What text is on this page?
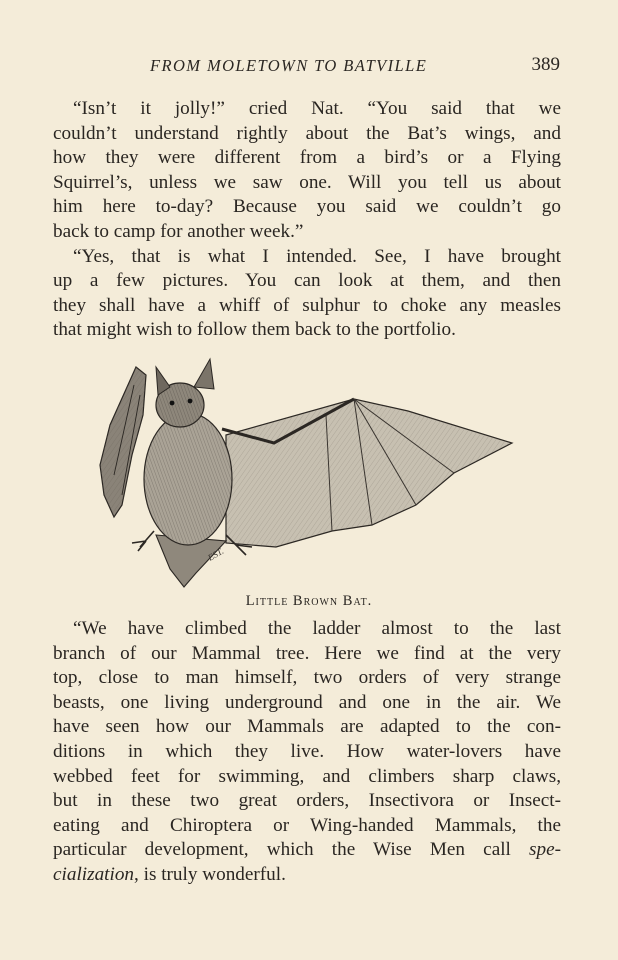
FROM MOLETOWN TO BATVILLE	389
“Isn’t it jolly!” cried Nat. “You said that we
couldn’t understand rightly about the Bat’s wings, and
how they were different from a bird’s or a Flying
Squirrel’s, unless we saw one. Will you tell us about
him here to-day? Because you said we couldn’t go
back to camp for another week.”
“Yes, that is what I intended. See, I have brought
up a few pictures. You can look at them, and then
they shall have a whiff of sulphur to choke any measles
that might wish to follow them back to the portfolio.
EST.
Little Brown Bat.
“We have climbed the ladder almost to the last
branch of our Mammal tree. Here we find at the very
top, close to man himself, two orders of very strange
beasts, one living underground and one in the air. We
have seen how our Mammals are adapted to the con-
ditions in which they live. How water-lovers have
webbed feet for swimming, and climbers sharp claws,
but in these two great orders, Insectivora or Insect-
eating and Chiroptera or Wing-handed Mammals, the
particular development, which the Wise Men call spe-
cialization, is truly wonderful.
